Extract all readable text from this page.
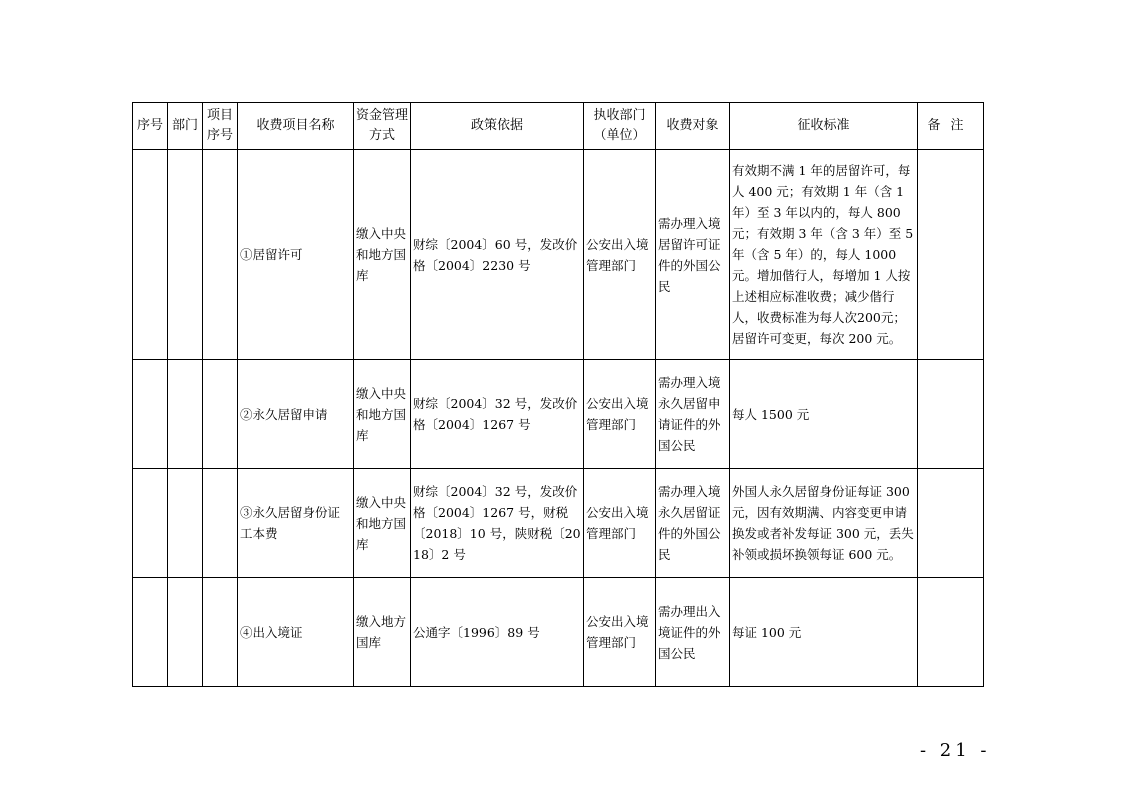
序号	部门	项目序号	收费项目名称	资金管理方式	政策依据	执收部门（单位）	收费对象	征收标准	备注
			①居留许可	缴入中央和地方国库	财综〔2004〕60 号，发改价格〔2004〕2230 号	公安出入境管理部门	需办理入境居留许可证件的外国公民	有效期不满 1 年的居留许可，每人 400 元；有效期 1 年（含 1 年）至 3 年以内的，每人 800 元；有效期 3 年（含 3 年）至 5 年（含 5 年）的，每人 1000 元。增加偕行人，每增加 1 人按上述相应标准收费；减少偕行人，收费标准为每人次200元；居留许可变更，每次 200 元。	
			②永久居留申请	缴入中央和地方国库	财综〔2004〕32 号，发改价格〔2004〕1267 号	公安出入境管理部门	需办理入境永久居留申请证件的外国公民	每人 1500 元	
			③永久居留身份证工本费	缴入中央和地方国库	财综〔2004〕32 号，发改价格〔2004〕1267 号，财税〔2018〕10 号，陕财税〔2018〕2 号	公安出入境管理部门	需办理入境永久居留证件的外国公民	外国人永久居留身份证每证 300 元，因有效期满、内容变更申请换发或者补发每证 300 元，丢失补领或损坏换领每证 600 元。	
			④出入境证	缴入地方国库	公通字〔1996〕89 号	公安出入境管理部门	需办理出入境证件的外国公民	每证 100 元	
- 21 -
